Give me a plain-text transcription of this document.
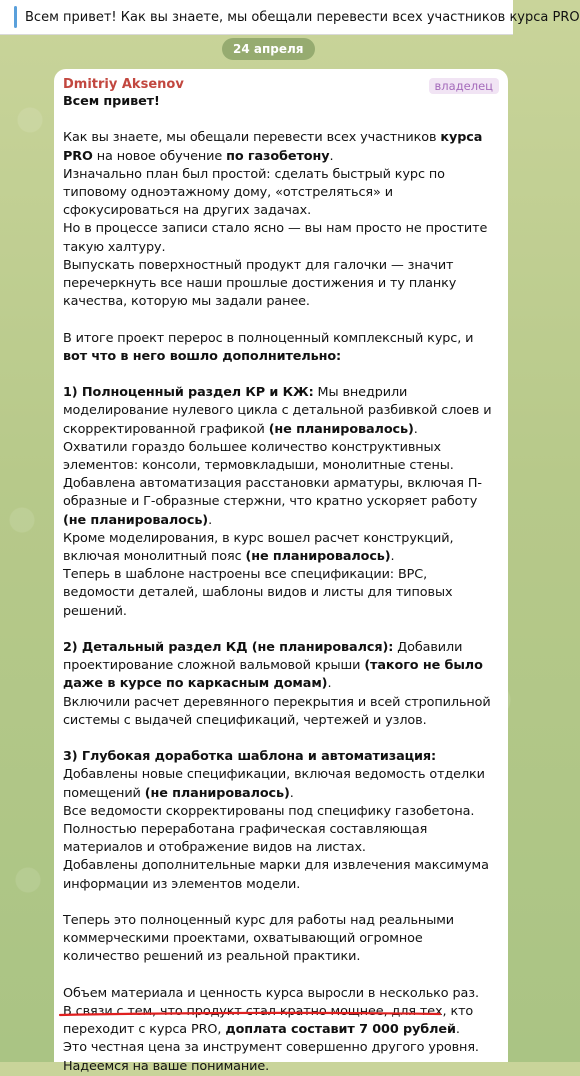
Всем привет! Как вы знаете, мы обещали перевести всех участников курса PRO
24 апреля
Dmitriy Aksenov	владелец

Всем привет!

Как вы знаете, мы обещали перевести всех участников курса PRO на новое обучение по газобетону.

Изначально план был простой: сделать быстрый курс по типовому одноэтажному дому, «отстреляться» и сфокусироваться на других задачах.

Но в процессе записи стало ясно — вы нам просто не простите такую халтуру.

Выпускать поверхностный продукт для галочки — значит перечеркнуть все наши прошлые достижения и ту планку качества, которую мы задали ранее.

В итоге проект перерос в полноценный комплексный курс, и вот что в него вошло дополнительно:

1) Полноценный раздел КР и КЖ: Мы внедрили моделирование нулевого цикла с детальной разбивкой слоев и скорректированной графикой (не планировалось).

Охватили гораздо большее количество конструктивных элементов: консоли, термовкладыши, монолитные стены.

Добавлена автоматизация расстановки арматуры, включая П-образные и Г-образные стержни, что кратно ускоряет работу (не планировалось).

Кроме моделирования, в курс вошел расчет конструкций, включая монолитный пояс (не планировалось).

Теперь в шаблоне настроены все спецификации: ВРС, ведомости деталей, шаблоны видов и листы для типовых решений.

2) Детальный раздел КД (не планировался): Добавили проектирование сложной вальмовой крыши (такого не было даже в курсе по каркасным домам).

Включили расчет деревянного перекрытия и всей стропильной системы с выдачей спецификаций, чертежей и узлов.

3) Глубокая доработка шаблона и автоматизация: Добавлены новые спецификации, включая ведомость отделки помещений (не планировалось).

Все ведомости скорректированы под специфику газобетона.

Полностью переработана графическая составляющая материалов и отображение видов на листах.

Добавлены дополнительные марки для извлечения максимума информации из элементов модели.

Теперь это полноценный курс для работы над реальными коммерческими проектами, охватывающий огромное количество решений из реальной практики.

Объем материала и ценность курса выросли в несколько раз.

В связи с тем, что продукт стал кратно мощнее, для тех, кто переходит с курса PRO, доплата составит 7 000 рублей.

Это честная цена за инструмент совершенно другого уровня.

Надеемся на ваше понимание.
